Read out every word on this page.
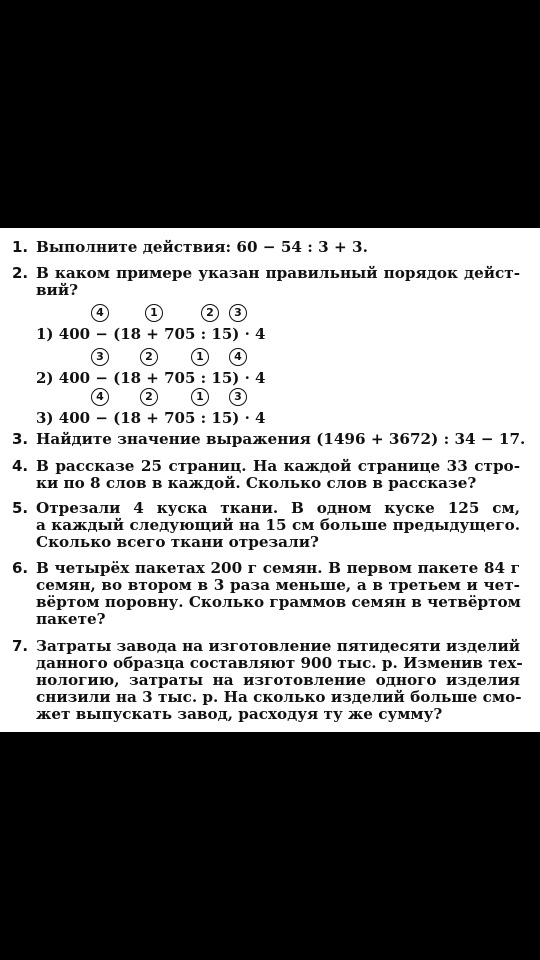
1. Выполните действия: 60 − 54 : 3 + 3.
2. В каком примере указан правильный порядок дейст-
вий?
4	1	2	3
1) 400 − (18 + 705 : 15) · 4
3	2	1	4
2) 400 − (18 + 705 : 15) · 4
4	2	1	3
3) 400 − (18 + 705 : 15) · 4
3. Найдите значение выражения (1496 + 3672) : 34 − 17.
4. В рассказе 25 страниц. На каждой странице 33 стро-
ки по 8 слов в каждой. Сколько слов в рассказе?
5. Отрезали 4 куска ткани. В одном куске 125 см,
а каждый следующий на 15 см больше предыдущего.
Сколько всего ткани отрезали?
6. В четырёх пакетах 200 г семян. В первом пакете 84 г
семян, во втором в 3 раза меньше, а в третьем и чет-
вёртом поровну. Сколько граммов семян в четвёртом
пакете?
7. Затраты завода на изготовление пятидесяти изделий
данного образца составляют 900 тыс. р. Изменив тех-
нологию, затраты на изготовление одного изделия
снизили на 3 тыс. р. На сколько изделий больше смо-
жет выпускать завод, расходуя ту же сумму?
